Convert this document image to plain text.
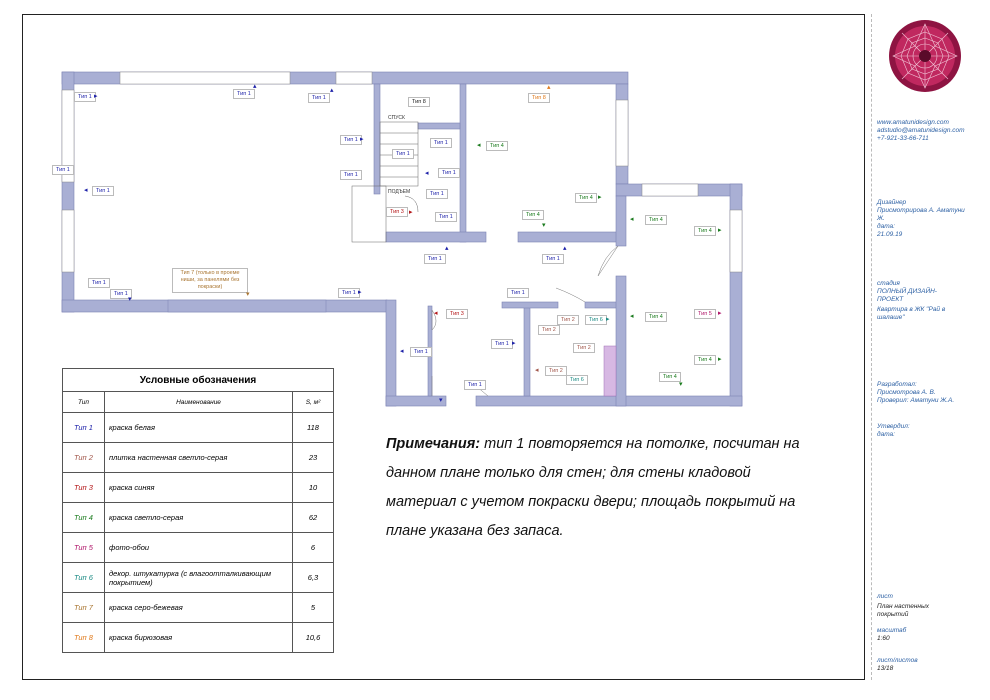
СПУСК
ПОДЪЕМ
Тип 1	Тип 1
Тип 1
Тип 8
Тип 8
Тип 1	Тип 1	Тип 4
Тип 1
Тип 1
Тип 1	Тип 1
Тип 1	Тип 1
Тип 4
Тип 3
Тип 1	Тип 4
Тип 4
Тип 4
Тип 1	Тип 1
Тип 1
Тип 1	Тип 1	Тип 1
Тип 3
Тип 2	Тип 6	Тип 4	Тип 5
Тип 2
Тип 1
Тип 2
Тип 1
Тип 4
Тип 2
Тип 4
Тип 6
Тип 1
Тип 7 (только в проеме ниши, за панелями без покраски)
▸
▴
▴	▴
◂
▸
◂
◂
▸
▸
▾
◂
▸
▴	▴
▸
▾
▾
◂	▸
▸	◂
▸
◂
▸
◂
▾
▾
Условные обозначения		
Тип	Наименование	S, м²
Тип 1	краска белая	118
Тип 2	плитка настенная светло-серая	23
Тип 3	краска синяя	10
Тип 4	краска светло-серая	62
Тип 5	фото-обои	6
Тип 6	декор. штукатурка (с влагоотталкивающим покрытием)	6,3
Тип 7	краска серо-бежевая	5
Тип 8	краска бирюзовая	10,6
Примечания: тип 1 повторяется на потолке, посчитан на данном плане только для стен; для стены кладовой материал с учетом покраски двери; площадь покрытий на плане указана без запаса.
www.amatunidesign.com
adstudio@amatunidesign.com
+7-921-33-66-711
Дизайнер
Присмотрирова А. Аматуни Ж.
дата:
21.09.19
стадия
ПОЛНЫЙ ДИЗАЙН-ПРОЕКТ
Квартира в ЖК "Рай в шалаше"
Разработал:
Присмотрова А. В.
Проверил: Аматуни Ж.А.
Утвердил:
дата:
лист
План настенных покрытий
масштаб
1:60
лист/листов
13/18
